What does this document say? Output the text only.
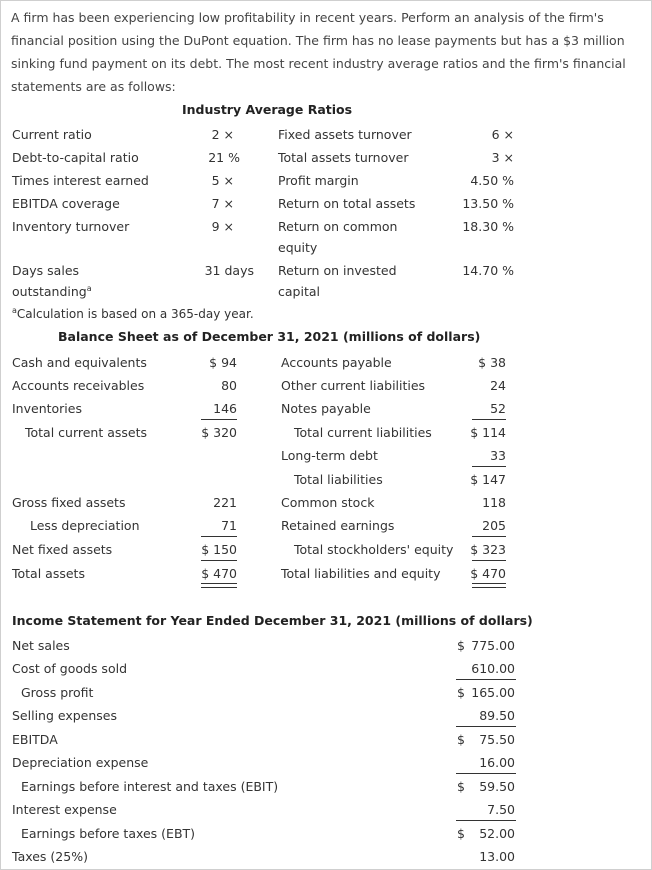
A firm has been experiencing low profitability in recent years. Perform an analysis of the firm's financial position using the DuPont equation. The firm has no lease payments but has a $3 million sinking fund payment on its debt. The most recent industry average ratios and the firm's financial statements are as follows:
Industry Average Ratios
Current ratio
Debt-to-capital ratio
Times interest earned
EBITDA coverage
Inventory turnover
Days sales
outstanding$^a$
2 ×
21 %
5 ×
7 ×
9 ×
31 days
Fixed assets turnover
Total assets turnover
Profit margin
Return on total assets
Return on common
equity
Return on invested
capital
6 ×
3 ×
4.50 %
13.50 %
18.30 %
14.70 %
$^a$Calculation is based on a 365-day year.
Balance Sheet as of December 31, 2021 (millions of dollars)
Cash and equivalents
Accounts receivables
Inventories
Total current assets
Gross fixed assets
Less depreciation
Net fixed assets
Total assets
$ 94
80
146
$ 320
221
71
$ 150
$ 470
Accounts payable
Other current liabilities
Notes payable
Total current liabilities
Long-term debt
Total liabilities
Common stock
Retained earnings
Total stockholders' equity
Total liabilities and equity
$ 38
24
52
$ 114
33
$ 147
118
205
$ 323
$ 470
Income Statement for Year Ended December 31, 2021 (millions of dollars)
Net sales
Cost of goods sold
Gross profit
Selling expenses
EBITDA
Depreciation expense
Earnings before interest and taxes (EBIT)
Interest expense
Earnings before taxes (EBT)
Taxes (25%)
$
$
$
$
$
775.00
610.00
165.00
89.50
75.50
16.00
59.50
7.50
52.00
13.00
